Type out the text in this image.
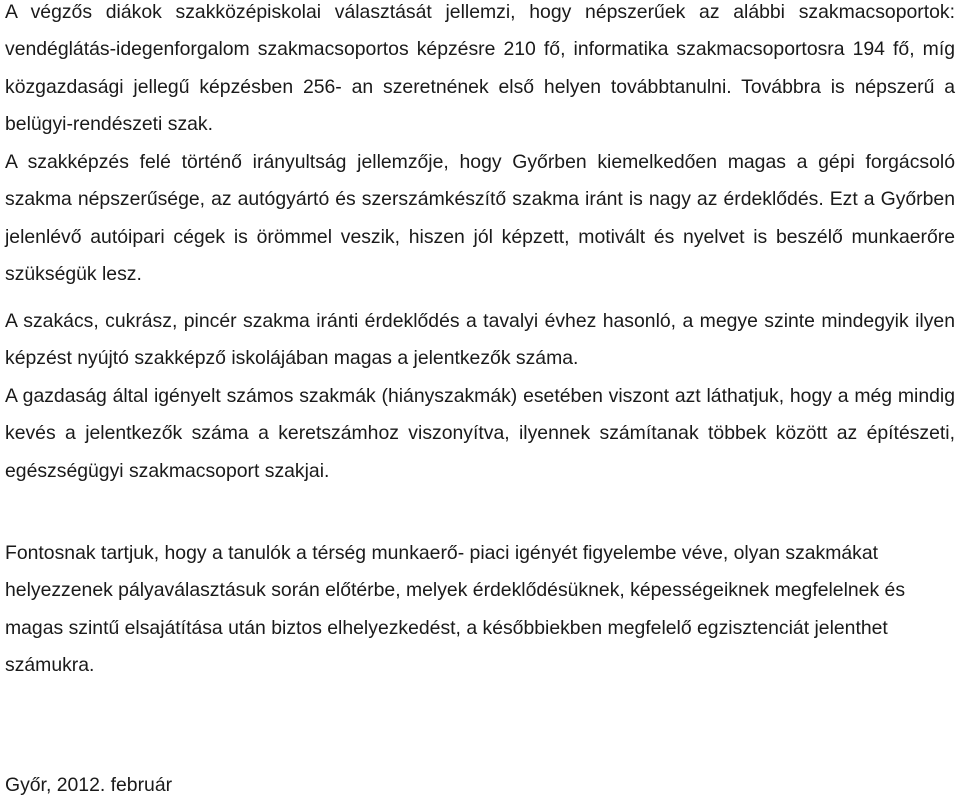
A végzős diákok szakközépiskolai választását jellemzi, hogy népszerűek az alábbi szakmacsoportok: vendéglátás-idegenforgalom szakmacsoportos képzésre 210 fő, informatika szakmacsoportosra 194 fő, míg közgazdasági jellegű képzésben 256- an szeretnének első helyen továbbtanulni. Továbbra is népszerű a belügyi-rendészeti szak.
A szakképzés felé történő irányultság jellemzője, hogy Győrben kiemelkedően magas a gépi forgácsoló szakma népszerűsége, az autógyártó és szerszámkészítő szakma iránt is nagy az érdeklődés. Ezt a Győrben jelenlévő autóipari cégek is örömmel veszik, hiszen jól képzett, motivált és nyelvet is beszélő munkaerőre szükségük lesz.
A szakács, cukrász, pincér szakma iránti érdeklődés a tavalyi évhez hasonló, a megye szinte mindegyik ilyen képzést nyújtó szakképző iskolájában magas a jelentkezők száma.
A gazdaság által igényelt számos szakmák (hiányszakmák) esetében viszont azt láthatjuk, hogy a még mindig kevés a jelentkezők száma a keretszámhoz viszonyítva, ilyennek számítanak többek között az építészeti, egészségügyi szakmacsoport szakjai.
Fontosnak tartjuk, hogy a tanulók a térség munkaerő- piaci igényét figyelembe véve, olyan szakmákat helyezzenek pályaválasztásuk során előtérbe, melyek érdeklődésüknek, képességeiknek megfelelnek és magas szintű elsajátítása után biztos elhelyezkedést, a későbbiekben megfelelő egzisztenciát jelenthet számukra.
Győr, 2012. február
